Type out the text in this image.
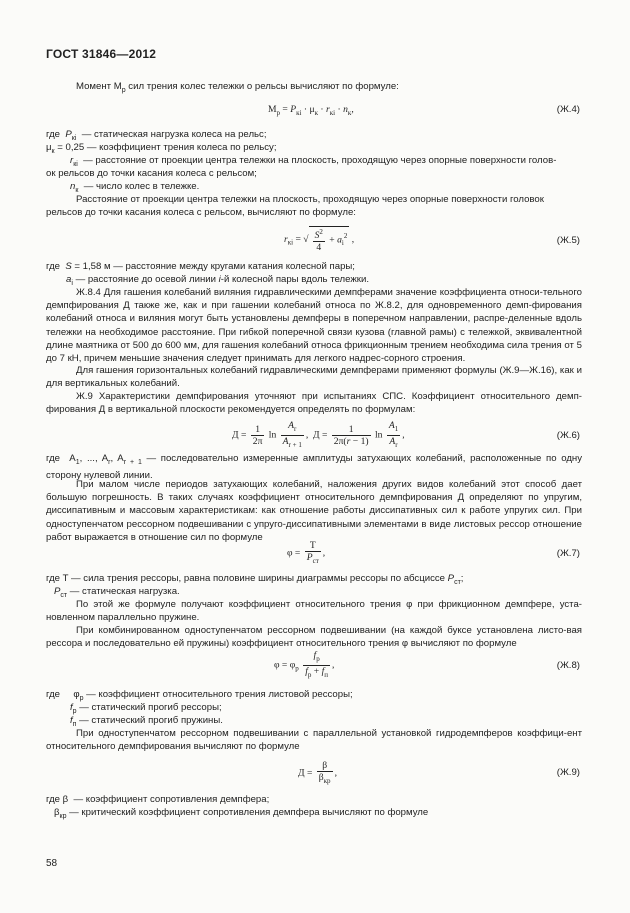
ГОСТ 31846—2012
Момент $M_р$ сил трения колес тележки о рельсы вычисляют по формуле:
$M_р = P_{кi} \cdot \mu_к \cdot r_{кi} \cdot n_к$,	(Ж.4)
где  $P_{кi}$  — статическая нагрузка колеса на рельс;
$\mu_к = 0,25$ — коэффициент трения колеса по рельсу;
$r_{кi}$  — расстояние от проекции центра тележки на плоскость, проходящую через опорные поверхности голов-
ок рельсов до точки касания колеса с рельсом;
$n_к$  — число колес в тележке.
Расстояние от проекции центра тележки на плоскость, проходящую через опорные поверхности головок
рельсов до точки касания колеса с рельсом, вычисляют по формуле:
$r_{кi}$ = √ $\frac{S^2}{4} + a_i^2$ ,	(Ж.5)
где  S = 1,58 м — расстояние между кругами катания колесной пары;
$a_i$ — расстояние до осевой линии i-й колесной пары вдоль тележки.
Ж.8.4 Для гашения колебаний виляния гидравлическими демпферами значение коэффициента относи-тельного демпфирования Д также же, как и при гашении колебаний относа по Ж.8.2, для одновременного демп-фирования колебаний относа и виляния могут быть установлены демпферы в поперечном направлении, распре-деленные вдоль тележки на необходимое расстояние. При гибкой поперечной связи кузова (главной рамы) с тележкой, эквивалентной длине маятника от 500 до 600 мм, для гашения колебаний относа фрикционным трением необходима сила трения от 5 до 7 кН, причем меньшие значения следует принимать для легкого надрес-сорного строения.
Для гашения горизонтальных колебаний гидравлическими демпферами применяют формулы (Ж.9—Ж.16), как и для вертикальных колебаний.
Ж.9 Характеристики демпфирования уточняют при испытаниях СПС. Коэффициент относительного демп-фирования Д в вертикальной плоскости рекомендуется определять по формулам:
$Д = \frac{1}{2\pi}$ $\ln \frac{A_r}{A_{r + 1}}$ ,  $Д = \frac{1}{2\pi(r - 1)}$ $\ln \frac{A_1}{A_r}$ ,	(Ж.6)
где  $A_1$, ..., $A_r$, $A_{r + 1}$ — последовательно измеренные амплитуды затухающих колебаний, расположенные по одну сторону нулевой линии.
При малом числе периодов затухающих колебаний, наложения других видов колебаний этот способ дает большую погрешность. В таких случаях коэффициент относительного демпфирования Д определяют по упругим, диссипативным и массовым характеристикам: как отношение работы диссипативных сил к работе упругих сил. При одноступенчатом рессорном подвешивании с упруго-диссипативными элементами в виде листовых рессор отношение работ выражается в отношение сил по формуле
$\varphi = \frac{T}{P_{ст}}$ ,	(Ж.7)
где T — сила трения рессоры, равна половине ширины диаграммы рессоры по абсциссе $P_{ст}$;
$P_{ст}$ — статическая нагрузка.
По этой же формуле получают коэффициент относительного трения φ при фрикционном демпфере, уста-новленном параллельно пружине.
При комбинированном одноступенчатом рессорном подвешивании (на каждой буксе установлена листо-вая рессора и последовательно ей пружины) коэффициент относительного трения φ вычисляют по формуле
$\varphi = \varphi_р \frac{f_р}{f_р + f_п}$ ,	(Ж.8)
где     $\varphi_р$ — коэффициент относительного трения листовой рессоры;
$f_р$ — статический прогиб рессоры;
$f_п$ — статический прогиб пружины.
При одноступенчатом рессорном подвешивании с параллельной установкой гидродемпферов коэффици-ент относительного демпфирования вычисляют по формуле
$Д = \frac{\beta}{\beta_{кр}}$ ,	(Ж.9)
где β  — коэффициент сопротивления демпфера;
$\beta_{кр}$ — критический коэффициент сопротивления демпфера вычисляют по формуле
58
